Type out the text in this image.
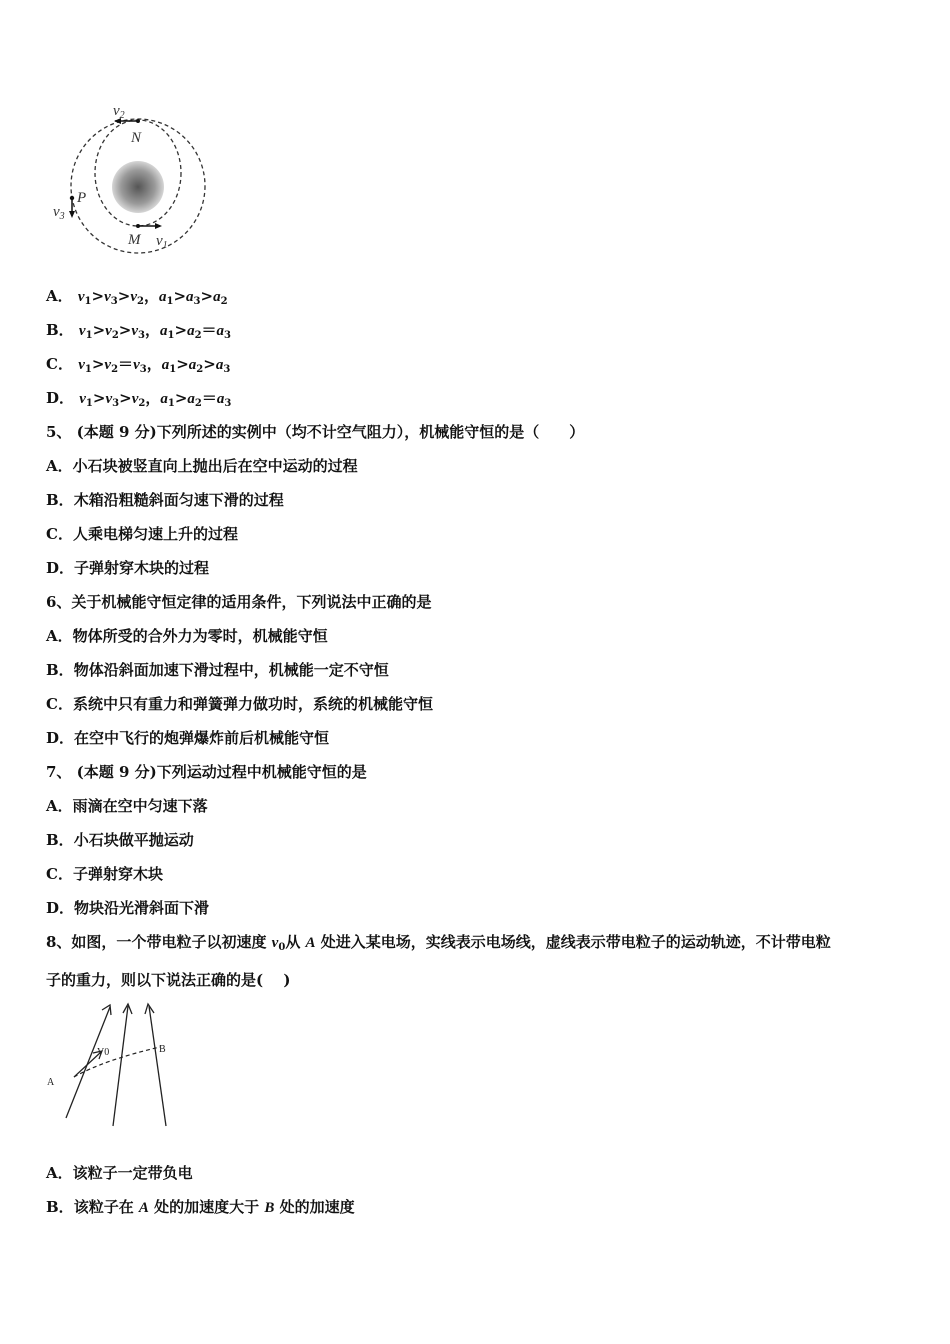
$v_2$
N
P
$v_3$
M $v_1$
A． $v_1>v_3>v_2$，$a_1>a_3>a_2$
B． $v_1>v_2>v_3$，$a_1>a_2=a_3$
C． $v_1>v_2=v_3$，$a_1>a_2>a_3$
D． $v_1>v_3>v_2$，$a_1>a_2=a_3$
5、 (本题 9 分)下列所述的实例中（均不计空气阻力），机械能守恒的是（　　）
A．小石块被竖直向上抛出后在空中运动的过程
B．木箱沿粗糙斜面匀速下滑的过程
C．人乘电梯匀速上升的过程
D．子弹射穿木块的过程
6、关于机械能守恒定律的适用条件，下列说法中正确的是
A．物体所受的合外力为零时，机械能守恒
B．物体沿斜面加速下滑过程中，机械能一定不守恒
C．系统中只有重力和弹簧弹力做功时，系统的机械能守恒
D．在空中飞行的炮弹爆炸前后机械能守恒
7、 (本题 9 分)下列运动过程中机械能守恒的是
A．雨滴在空中匀速下落
B．小石块做平抛运动
C．子弹射穿木块
D．物块沿光滑斜面下滑
8、如图，一个带电粒子以初速度 $v_0$从 A 处进入某电场，实线表示电场线，虚线表示带电粒子的运动轨迹，不计带电粒
子的重力，则以下说法正确的是(　 )
A
B
V0
A．该粒子一定带负电
B．该粒子在 A 处的加速度大于 B 处的加速度
